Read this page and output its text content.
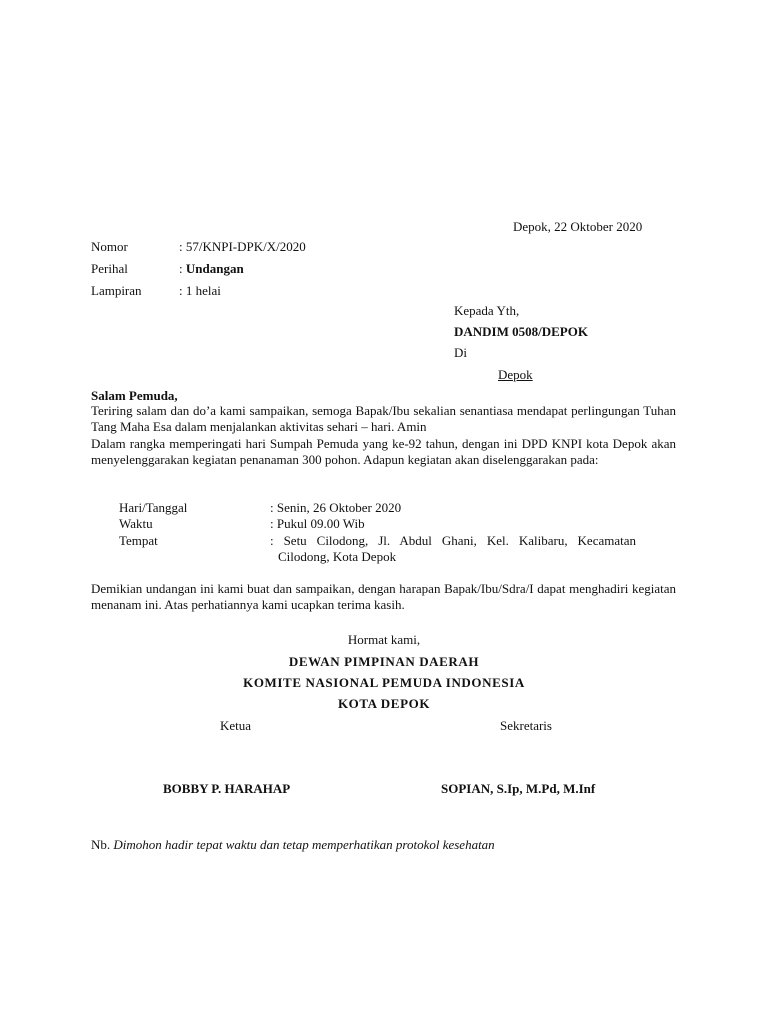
Depok, 22 Oktober 2020
Nomor	: 57/KNPI-DPK/X/2020
Perihal	: Undangan
Lampiran	: 1 helai
Kepada Yth,
DANDIM 0508/DEPOK
Di
Depok
Salam Pemuda,
Teriring salam dan do’a kami sampaikan, semoga Bapak/Ibu sekalian senantiasa mendapat perlingungan Tuhan Tang Maha Esa dalam menjalankan aktivitas sehari – hari. Amin
Dalam rangka memperingati hari Sumpah Pemuda yang ke-92 tahun, dengan ini DPD KNPI kota Depok akan menyelenggarakan kegiatan penanaman 300 pohon. Adapun kegiatan akan diselenggarakan pada:
Hari/Tanggal	: Senin, 26 Oktober 2020
Waktu	: Pukul 09.00 Wib
Tempat	: Setu Cilodong, Jl. Abdul Ghani, Kel. Kalibaru, Kecamatan
Cilodong, Kota Depok
Demikian undangan ini kami buat dan sampaikan, dengan harapan Bapak/Ibu/Sdra/I dapat menghadiri kegiatan menanam ini. Atas perhatiannya kami ucapkan terima kasih.
Hormat kami,
DEWAN PIMPINAN DAERAH
KOMITE NASIONAL PEMUDA INDONESIA
KOTA DEPOK
Ketua	Sekretaris
BOBBY P. HARAHAP	SOPIAN, S.Ip, M.Pd, M.Inf
Nb. Dimohon hadir tepat waktu dan tetap memperhatikan protokol kesehatan
